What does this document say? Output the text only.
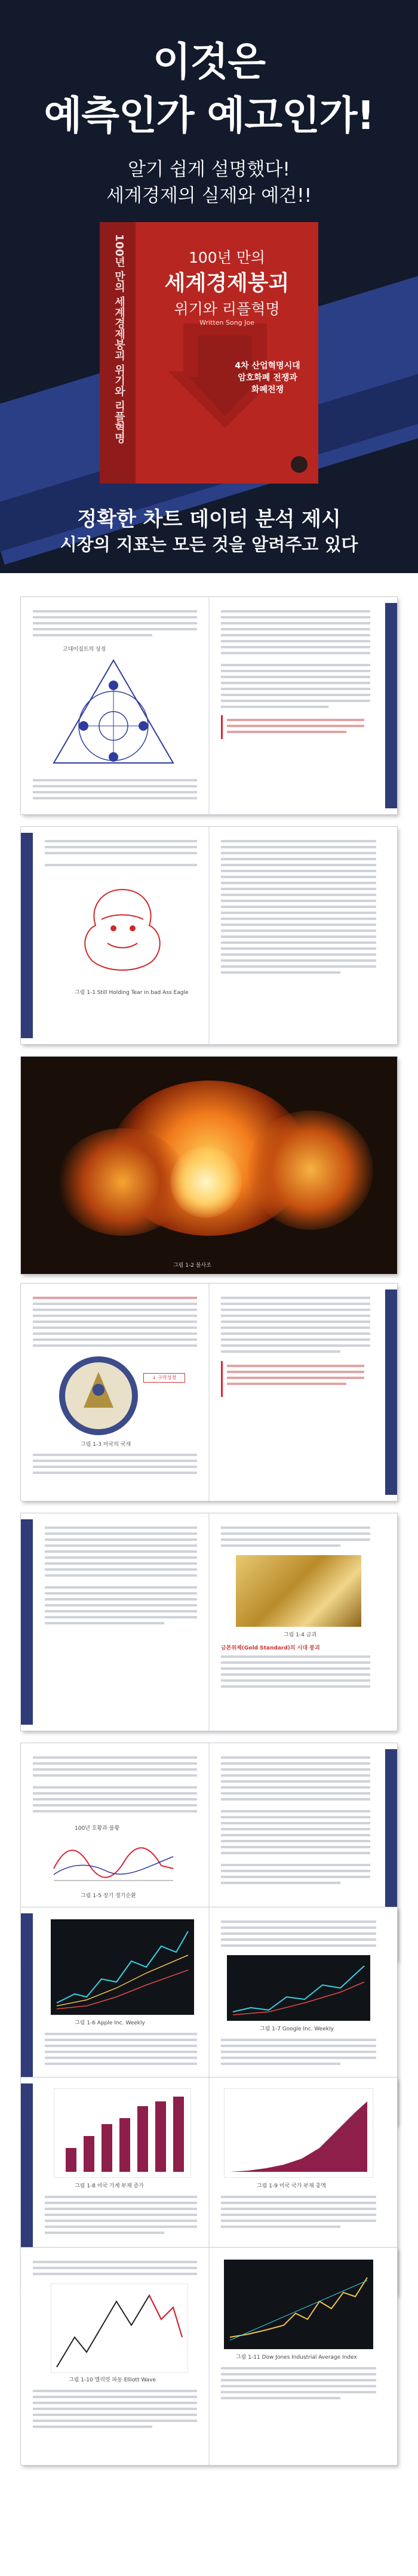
이것은
예측인가 예고인가!
알기 쉽게 설명했다!
세계경제의 실제와 예견!!
100년 만의 세계경제붕괴 위기와 리플혁명	100년 만의
세계경제붕괴
위기와 리플혁명
Written Song Joe
4차 산업혁명시대
암호화폐 전쟁과
화폐전쟁
정확한 차트 데이터 분석 제시
시장의 지표는 모든 것을 알려주고 있다
고대이집트의 상징
그림 1-1 Still Holding Tear in bad Ass Eagle
그림 1-2 불사조
↓ 구약성경
그림 1-3 미국의 국새
그림 1-4 금괴
금본위제(Gold Standard)의 시대 붕괴
100년 호황과 불황
그림 1-5 장기 경기순환
그림 1-6 Apple Inc. Weekly
그림 1-7 Google Inc. Weekly
그림 1-8 미국 가계 부채 증가	그림 1-9 미국 국가 부채 총액
그림 1-10 엘리엇 파동 Elliott Wave
그림 1-11 Dow Jones Industrial Average Index
